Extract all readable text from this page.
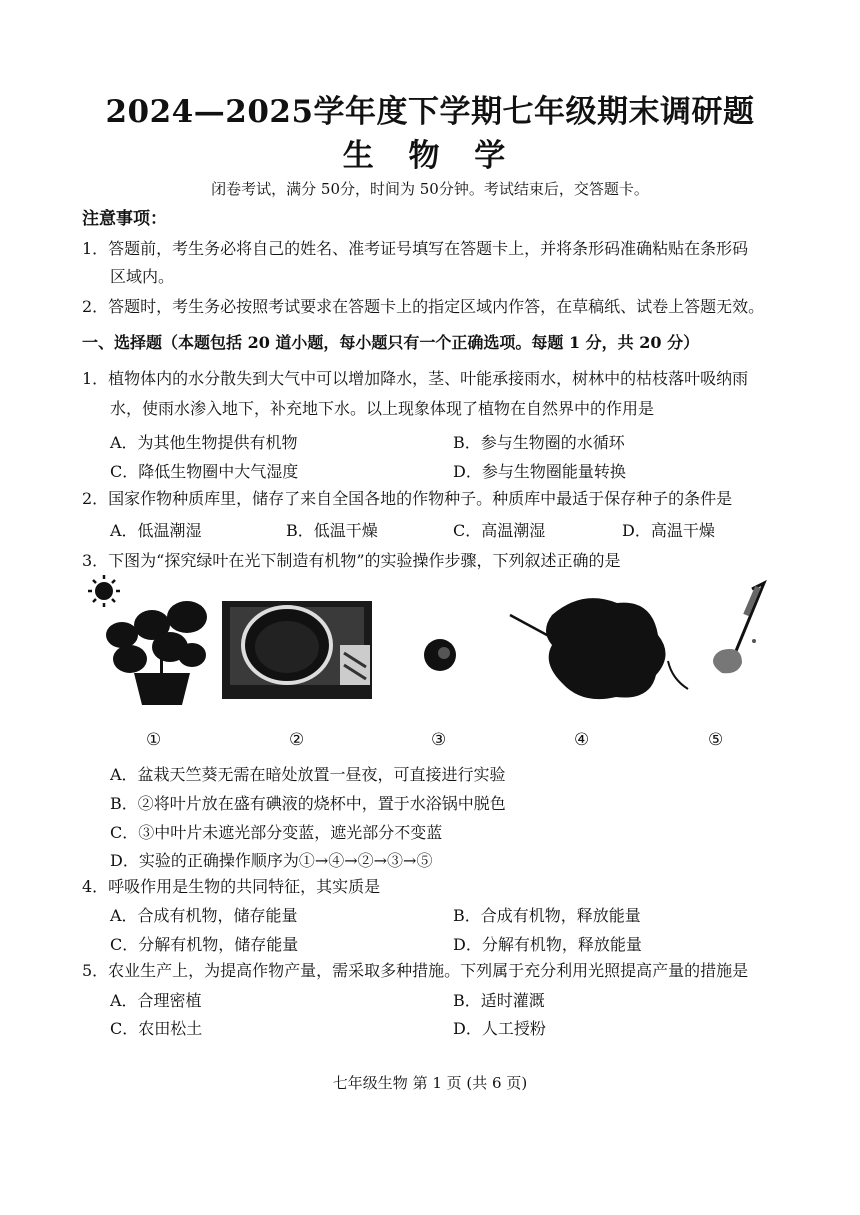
2024—2025学年度下学期七年级期末调研题
生 物 学
闭卷考试，满分 50分，时间为 50分钟。考试结束后，交答题卡。
注意事项：
1．答题前，考生务必将自己的姓名、准考证号填写在答题卡上，并将条形码准确粘贴在条形码
区域内。
2．答题时，考生务必按照考试要求在答题卡上的指定区域内作答，在草稿纸、试卷上答题无效。
一、选择题（本题包括 20 道小题，每小题只有一个正确选项。每题 1 分，共 20 分）
1．植物体内的水分散失到大气中可以增加降水，茎、叶能承接雨水，树林中的枯枝落叶吸纳雨
水，使雨水渗入地下，补充地下水。以上现象体现了植物在自然界中的作用是
A．为其他生物提供有机物	B．参与生物圈的水循环
C．降低生物圈中大气湿度	D．参与生物圈能量转换
2．国家作物种质库里，储存了来自全国各地的作物种子。种质库中最适于保存种子的条件是
A．低温潮湿	B．低温干燥	C．高温潮湿	D．高温干燥
3．下图为“探究绿叶在光下制造有机物”的实验操作步骤，下列叙述正确的是
①	②	③	④	⑤
A．盆栽天竺葵无需在暗处放置一昼夜，可直接进行实验
B．②将叶片放在盛有碘液的烧杯中，置于水浴锅中脱色
C．③中叶片未遮光部分变蓝，遮光部分不变蓝
D．实验的正确操作顺序为①→④→②→③→⑤
4．呼吸作用是生物的共同特征，其实质是
A．合成有机物，储存能量	B．合成有机物，释放能量
C．分解有机物，储存能量	D．分解有机物，释放能量
5．农业生产上，为提高作物产量，需采取多种措施。下列属于充分利用光照提高产量的措施是
A．合理密植	B．适时灌溉
C．农田松土	D．人工授粉
七年级生物 第 1 页 (共 6 页)
